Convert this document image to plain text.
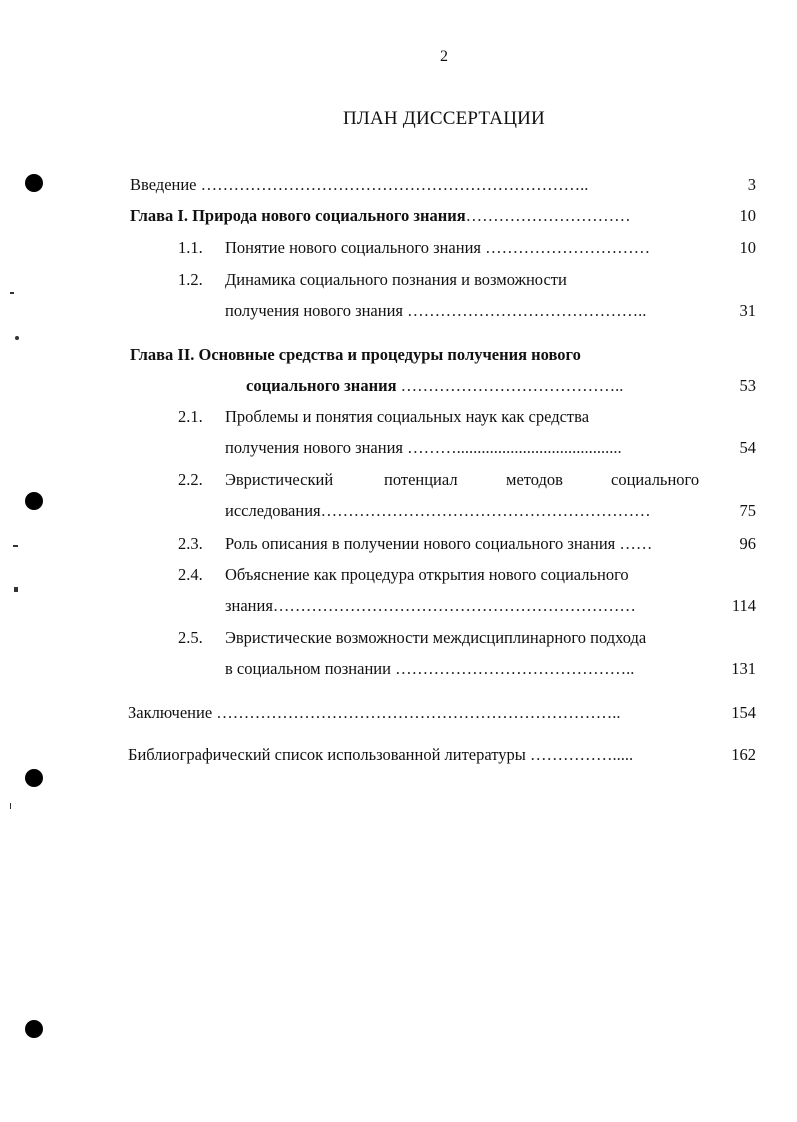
2
ПЛАН ДИССЕРТАЦИИ
Введение ……………………………………………………………..	3
Глава I. Природа нового социального знания…………………………	10
1.1. Понятие нового социального знания …………………………	10
1.2. Динамика социального познания и возможности
получения нового знания ……………………………………..	31
Глава II. Основные средства и процедуры получения нового
социального знания …………………………………..	53
2.1. Проблемы и понятия социальных наук как средства
получения нового знания ………........................................	54
2.2. Эвристический	потенциал	методов	социального
исследования……………………………………………………	75
2.3. Роль описания в получении нового социального знания ……	96
2.4. Объяснение как процедура открытия нового социального
знания…………………………………………………………	114
2.5. Эвристические возможности междисциплинарного подхода
в социальном познании ……………………………………..	131
Заключение ………………………………………………………………..	154
Библиографический список использованной литературы …………….....	162
